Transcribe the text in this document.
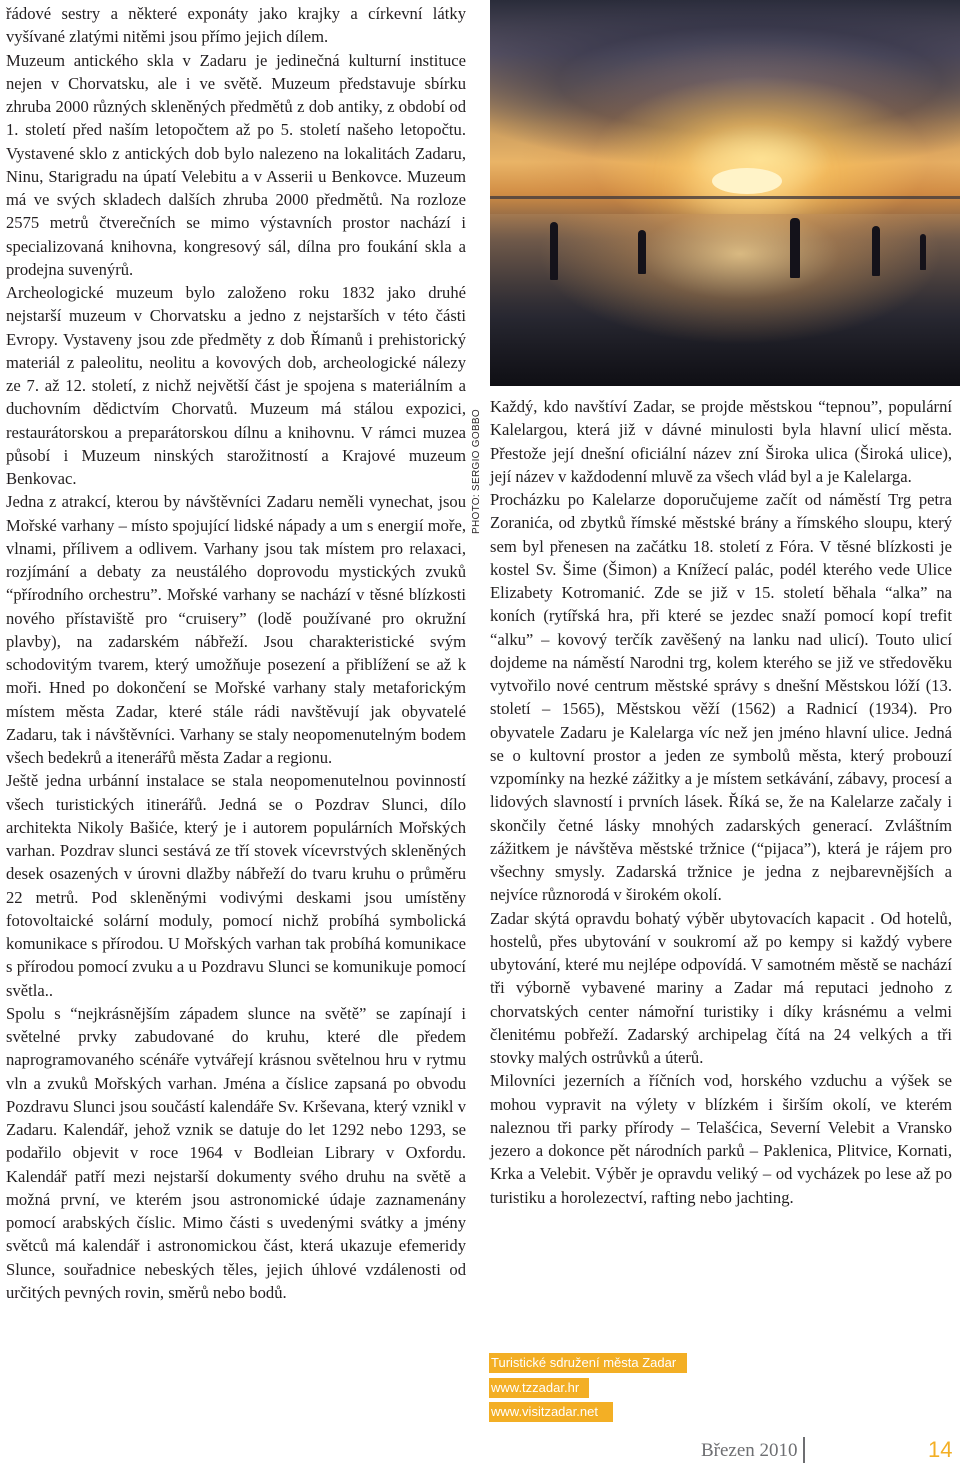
řádové sestry a některé exponáty jako krajky a církevní látky vyšívané zlatými nitěmi jsou přímo jejich dílem.

Muzeum antického skla v Zadaru je jedinečná kulturní instituce nejen v Chorvatsku, ale i ve světě. Muzeum představuje sbírku zhruba 2000 různých skleněných předmětů z dob antiky, z období od 1. století před naším letopočtem až po 5. století našeho letopočtu. Vystavené sklo z antických dob bylo nalezeno na lokalitách Zadaru, Ninu, Starigradu na úpatí Velebitu a v Asserii u Benkovce. Muzeum má ve svých skladech dalších zhruba 2000 předmětů. Na rozloze 2575 metrů čtverečních se mimo výstavních prostor nachází i specializovaná knihovna, kongresový sál, dílna pro foukání skla a prodejna suvenýrů.

Archeologické muzeum bylo založeno roku 1832 jako druhé nejstarší muzeum v Chorvatsku a jedno z nejstarších v této části Evropy. Vystaveny jsou zde předměty z dob Římanů i prehistorický materiál z paleolitu, neolitu a kovových dob, archeologické nálezy ze 7. až 12. století, z nichž největší část je spojena s materiálním a duchovním dědictvím Chorvatů. Muzeum má stálou expozici, restaurátorskou a preparátorskou dílnu a knihovnu. V rámci muzea působí i Muzeum ninských starožitností a Krajové muzeum Benkovac.

Jedna z atrakcí, kterou by návštěvníci Zadaru neměli vynechat, jsou Mořské varhany – místo spojující lidské nápady a um s energií moře, vlnami, přílivem a odlivem. Varhany jsou tak místem pro relaxaci, rozjímání a debaty za neustálého doprovodu mystických zvuků “přírodního orchestru”. Mořské varhany se nachází v těsné blízkosti nového přístaviště pro “cruisery” (lodě používané pro okružní plavby), na zadarském nábřeží. Jsou charakteristické svým schodovitým tvarem, který umožňuje posezení a přiblížení se až k moři. Hned po dokončení se Mořské varhany staly metaforickým místem města Zadar, které stále rádi navštěvují jak obyvatelé Zadaru, tak i návštěvníci. Varhany se staly neopomenutelným bodem všech bedekrů a itenerářů města Zadar a regionu.

Ještě jedna urbánní instalace se stala neopomenutelnou povinností všech turistických itinerářů. Jedná se o Pozdrav Slunci, dílo architekta Nikoly Bašiće, který je i autorem populárních Mořských varhan. Pozdrav slunci sestává ze tří stovek vícevrstvých skleněných desek osazených v úrovni dlažby nábřeží do tvaru kruhu o průměru 22 metrů. Pod skleněnými vodivými deskami jsou umístěny fotovoltaické solární moduly, pomocí nichž probíhá symbolická komunikace s přírodou. U Mořských varhan tak probíhá komunikace s přírodou pomocí zvuku a u Pozdravu Slunci se komunikuje pomocí světla..

Spolu s “nejkrásnějším západem slunce na světě” se zapínají i světelné prvky zabudované do kruhu, které dle předem naprogramovaného scénáře vytvářejí krásnou světelnou hru v rytmu vln a zvuků Mořských varhan. Jména a číslice zapsaná po obvodu Pozdravu Slunci jsou součástí kalendáře Sv. Krševana, který vznikl v Zadaru. Kalendář, jehož vznik se datuje do let 1292 nebo 1293, se podařilo objevit v roce 1964 v Bodleian Library v Oxfordu. Kalendář patří mezi nejstarší dokumenty svého druhu na světě a možná první, ve kterém jsou astronomické údaje zaznamenány pomocí arabských číslic. Mimo části s uvedenými svátky a jmény světců má kalendář i astronomickou část, která ukazuje efemeridy Slunce, souřadnice nebeských těles, jejich úhlové vzdálenosti od určitých pevných rovin, směrů nebo bodů.

PHOTO: SERGIO GOBBO

Každý, kdo navštíví Zadar, se projde městskou “tepnou”, populární Kalelargou, která již v dávné minulosti byla hlavní ulicí města. Přestože její dnešní oficiální název zní Široka ulica (Široká ulice), její název v každodenní mluvě za všech vlád byl a je Kalelarga.

Procházku po Kalelarze doporučujeme začít od náměstí Trg petra Zoranića, od zbytků římské městské brány a římského sloupu, který sem byl přenesen na začátku 18. století z Fóra. V těsné blízkosti je kostel Sv. Šime (Šimon) a Knížecí palác, podél kterého vede Ulice Elizabety Kotromanić. Zde se již v 15. století běhala “alka” na koních (rytířská hra, při které se jezdec snaží pomocí kopí trefit “alku” – kovový terčík zavěšený na lanku nad ulicí). Touto ulicí dojdeme na náměstí Narodni trg, kolem kterého se již ve středověku vytvořilo nové centrum městské správy s dnešní Městskou lóží (13. století – 1565), Městskou věží (1562) a Radnicí (1934). Pro obyvatele Zadaru je Kalelarga víc než jen jméno hlavní ulice. Jedná se o kultovní prostor a jeden ze symbolů města, který probouzí vzpomínky na hezké zážitky a je místem setkávání, zábavy, procesí a lidových slavností i prvních lásek. Říká se, že na Kalelarze začaly i skončily četné lásky mnohých zadarských generací. Zvláštním zážitkem je návštěva městské tržnice (“pijaca”), která je rájem pro všechny smysly. Zadarská tržnice je jedna z nejbarevnějších a nejvíce různorodá v širokém okolí.

Zadar skýtá opravdu bohatý výběr ubytovacích kapacit . Od hotelů, hostelů, přes ubytování v soukromí až po kempy si každý vybere ubytování, které mu nejlépe odpovídá. V samotném městě se nachází tři výborně vybavené mariny a Zadar má reputaci jednoho z chorvatských center námořní turistiky i díky krásnému a velmi členitému pobřeží. Zadarský archipelag čítá na 24 velkých a tři stovky malých ostrůvků a úterů.

Milovníci jezerních a říčních vod, horského vzduchu a výšek se mohou vypravit na výlety v blízkém i širším okolí, ve kterém naleznou tři parky přírody – Telašćica, Severní Velebit a Vransko jezero a dokonce pět národních parků – Paklenica, Plitvice, Kornati, Krka a Velebit. Výběr je opravdu veliký – od vycházek po lese až po turistiku a horolezectví, rafting nebo jachting.

Turistické sdružení města Zadar
www.tzzadar.hr
www.visitzadar.net
Březen 2010	14
